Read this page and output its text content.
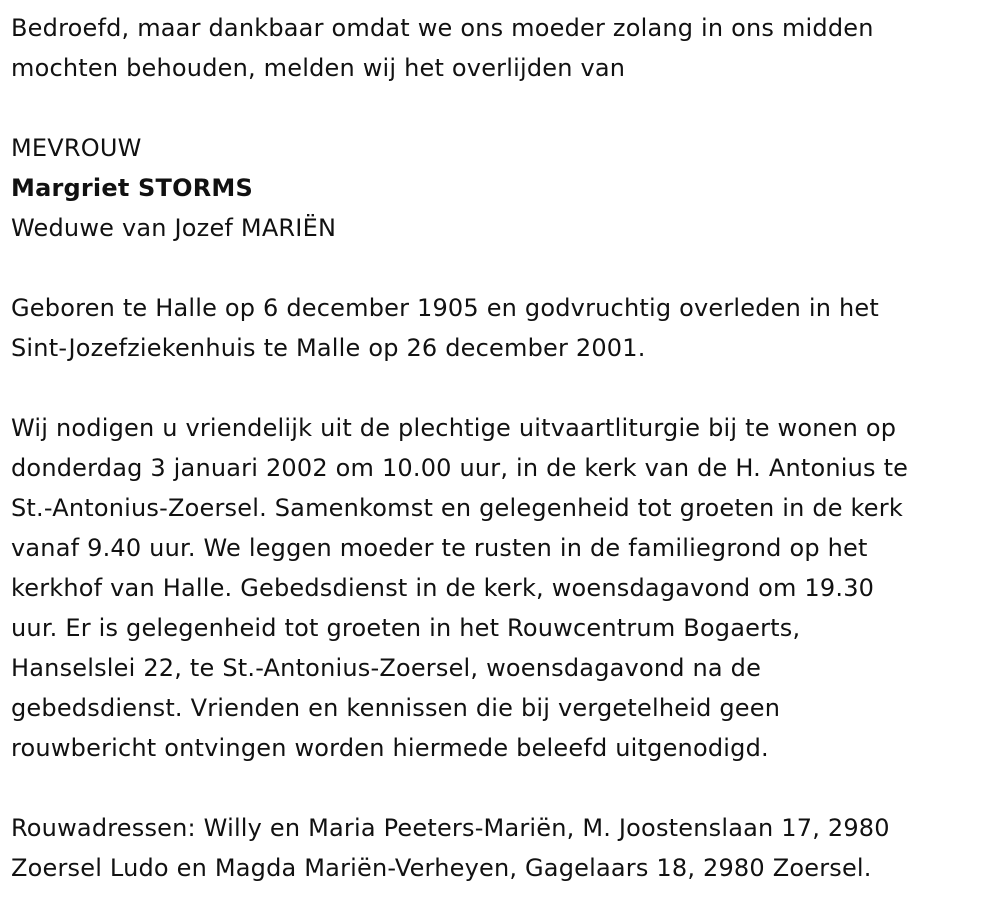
Bedroefd, maar dankbaar omdat we ons moeder zolang in ons midden
mochten behouden, melden wij het overlijden van
MEVROUW
Margriet STORMS
Weduwe van Jozef MARIËN
Geboren te Halle op 6 december 1905 en godvruchtig overleden in het
Sint-Jozefziekenhuis te Malle op 26 december 2001.
Wij nodigen u vriendelijk uit de plechtige uitvaartliturgie bij te wonen op
donderdag 3 januari 2002 om 10.00 uur, in de kerk van de H. Antonius te
St.-Antonius-Zoersel. Samenkomst en gelegenheid tot groeten in de kerk
vanaf 9.40 uur. We leggen moeder te rusten in de familiegrond op het
kerkhof van Halle. Gebedsdienst in de kerk, woensdagavond om 19.30
uur. Er is gelegenheid tot groeten in het Rouwcentrum Bogaerts,
Hanselslei 22, te St.-Antonius-Zoersel, woensdagavond na de
gebedsdienst. Vrienden en kennissen die bij vergetelheid geen
rouwbericht ontvingen worden hiermede beleefd uitgenodigd.
Rouwadressen: Willy en Maria Peeters-Mariën, M. Joostenslaan 17, 2980
Zoersel Ludo en Magda Mariën-Verheyen, Gagelaars 18, 2980 Zoersel.
